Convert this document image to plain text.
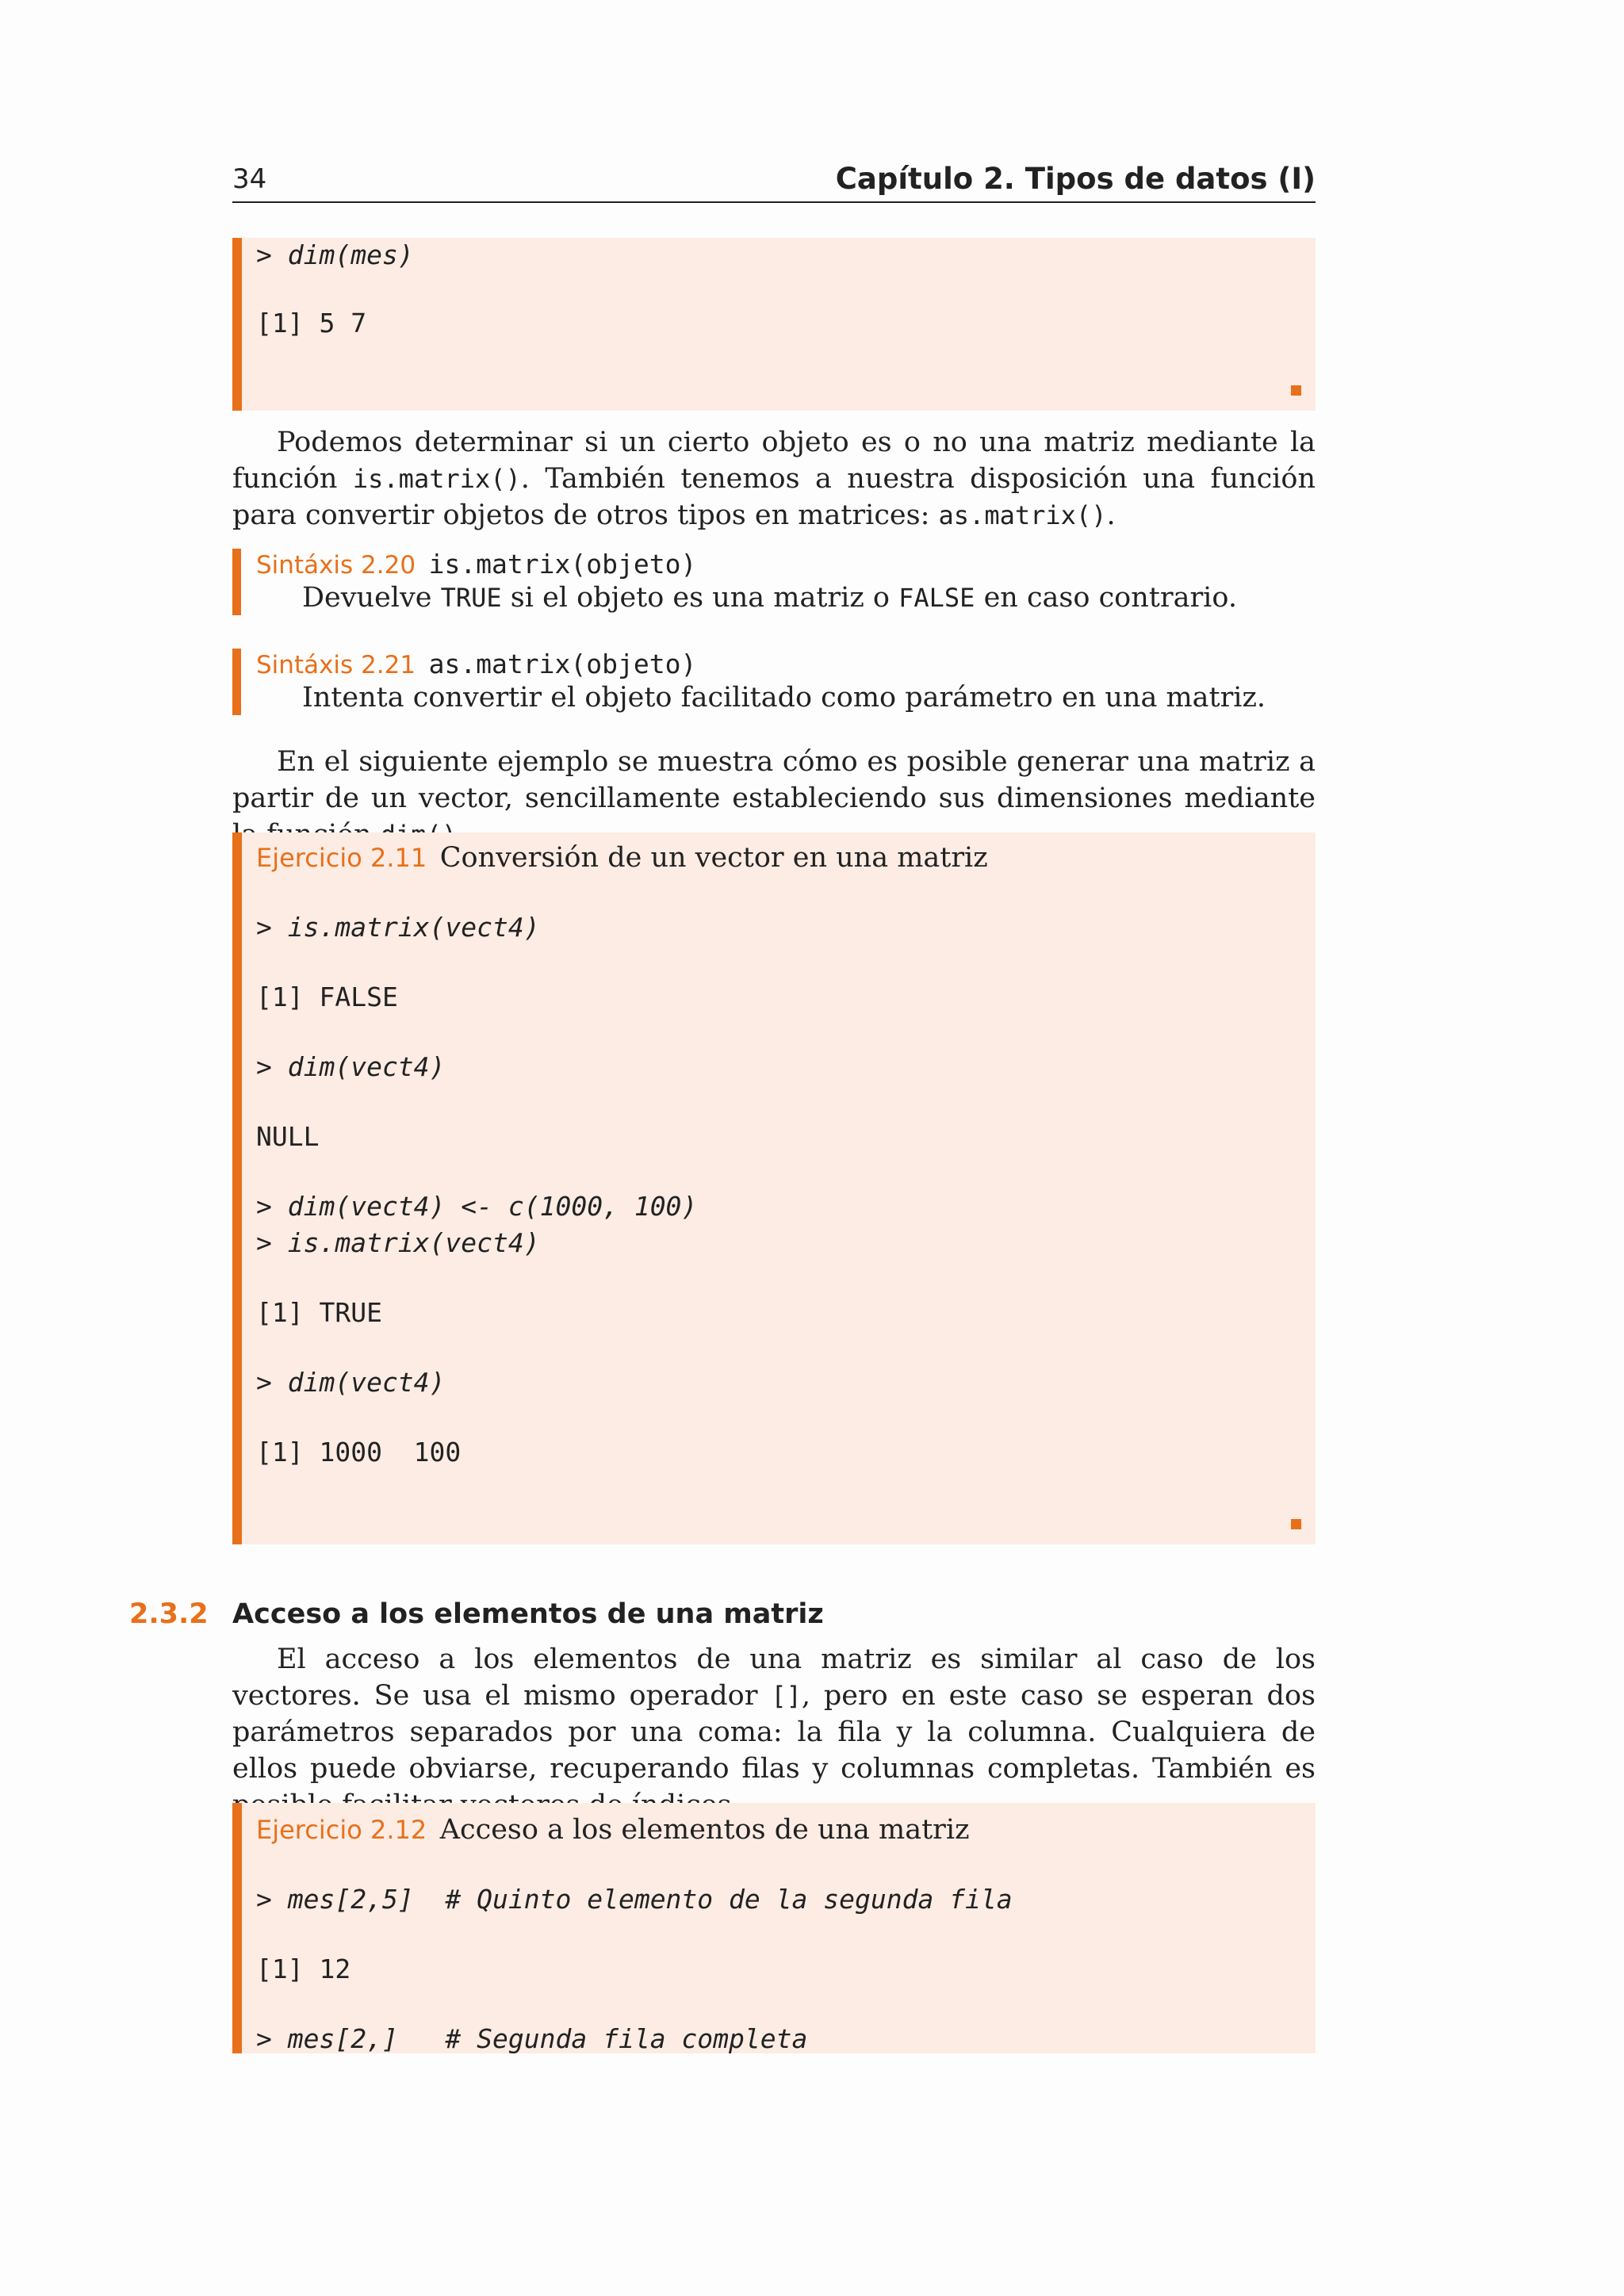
34	Capítulo 2. Tipos de datos (I)
> dim(mes)
[1] 5 7
Podemos determinar si un cierto objeto es o no una matriz mediante la función is.matrix(). También tenemos a nuestra disposición una función para convertir objetos de otros tipos en matrices: as.matrix().
Sintáxis 2.20 is.matrix(objeto)
Devuelve TRUE si el objeto es una matriz o FALSE en caso contrario.
Sintáxis 2.21 as.matrix(objeto)
Intenta convertir el objeto facilitado como parámetro en una matriz.
En el siguiente ejemplo se muestra cómo es posible generar una matriz a partir de un vector, sencillamente estableciendo sus dimensiones mediante
Ejercicio 2.11 Conversión de un vector en una matriz
> is.matrix(vect4)
[1] FALSE
> dim(vect4)
NULL
> dim(vect4) <- c(1000, 100)
> is.matrix(vect4)
[1] TRUE
> dim(vect4)
[1] 1000  100
2.3.2 Acceso a los elementos de una matriz
El acceso a los elementos de una matriz es similar al caso de los vectores. Se usa el mismo operador [], pero en este caso se esperan dos parámetros separados por una coma: la fila y la columna. Cualquiera de ellos puede obviarse, recuperando filas y columnas completas. También es
Ejercicio 2.12 Acceso a los elementos de una matriz
> mes[2,5]  # Quinto elemento de la segunda fila
[1] 12
> mes[2,]   # Segunda fila completa
